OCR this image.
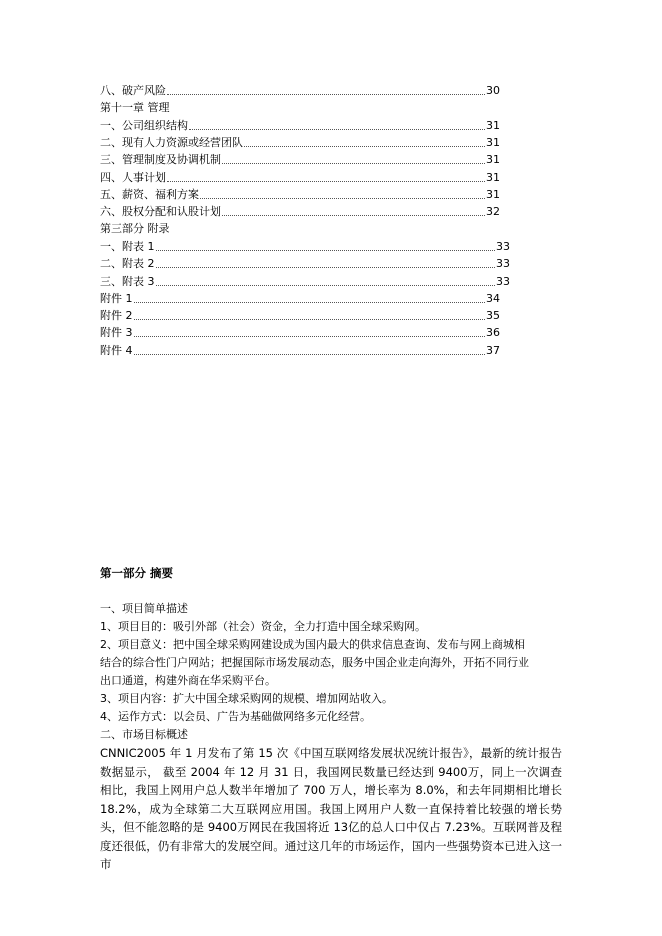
八、破产风险	30
第十一章 管理
一、公司组织结构	31
二、现有人力资源或经营团队	31
三、管理制度及协调机制	31
四、人事计划	31
五、薪资、福利方案	31
六、股权分配和认股计划	32
第三部分 附录
一、附表 1	33
二、附表 2	33
三、附表 3	33
附件 1	34
附件 2	35
附件 3	36
附件 4	37
第一部分 摘要

一、项目简单描述

1、项目目的：吸引外部（社会）资金，全力打造中国全球采购网。

2、项目意义：把中国全球采购网建设成为国内最大的供求信息查询、发布与网上商城相

结合的综合性门户网站；把握国际市场发展动态，服务中国企业走向海外，开拓不同行业

出口通道，构建外商在华采购平台。

3、项目内容：扩大中国全球采购网的规模、增加网站收入。

4、运作方式：以会员、广告为基础做网络多元化经营。

二、市场目标概述

CNNIC2005 年 1 月发布了第 15 次《中国互联网络发展状况统计报告》，最新的统计报告数据显示， 截至 2004 年 12 月 31 日，我国网民数量已经达到 9400万，同上一次调查相比，我国上网用户总人数半年增加了 700 万人，增长率为 8.0%，和去年同期相比增长18.2%，成为全球第二大互联网应用国。我国上网用户人数一直保持着比较强的增长势头，但不能忽略的是 9400万网民在我国将近 13亿的总人口中仅占 7.23%。互联网普及程度还很低，仍有非常大的发展空间。通过这几年的市场运作，国内一些强势资本已进入这一市
